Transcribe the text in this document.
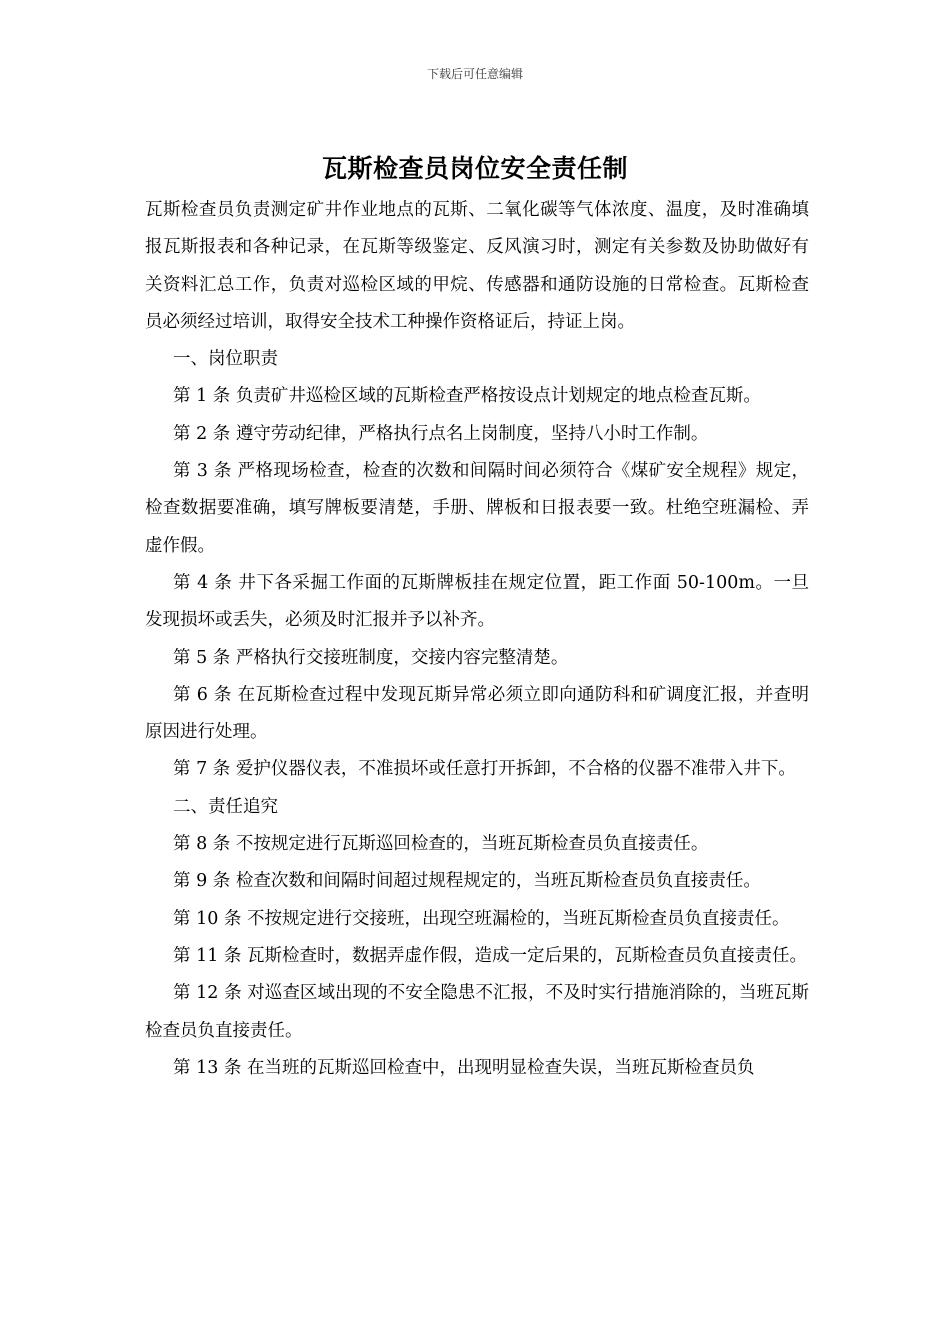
下载后可任意编辑
瓦斯检查员岗位安全责任制

瓦斯检查员负责测定矿井作业地点的瓦斯、二氧化碳等气体浓度、温度，及时准确填报瓦斯报表和各种记录，在瓦斯等级鉴定、反风演习时，测定有关参数及协助做好有关资料汇总工作，负责对巡检区域的甲烷、传感器和通防设施的日常检查。瓦斯检查员必须经过培训，取得安全技术工种操作资格证后，持证上岗。

一、岗位职责

第 1 条 负责矿井巡检区域的瓦斯检查严格按设点计划规定的地点检查瓦斯。

第 2 条 遵守劳动纪律，严格执行点名上岗制度，坚持八小时工作制。

第 3 条 严格现场检查，检查的次数和间隔时间必须符合《煤矿安全规程》规定，检查数据要准确，填写牌板要清楚，手册、牌板和日报表要一致。杜绝空班漏检、弄虚作假。

第 4 条 井下各采掘工作面的瓦斯牌板挂在规定位置，距工作面 50-100m。一旦发现损坏或丢失，必须及时汇报并予以补齐。

第 5 条 严格执行交接班制度，交接内容完整清楚。

第 6 条 在瓦斯检查过程中发现瓦斯异常必须立即向通防科和矿调度汇报，并查明原因进行处理。

第 7 条 爱护仪器仪表，不准损坏或任意打开拆卸，不合格的仪器不准带入井下。

二、责任追究

第 8 条 不按规定进行瓦斯巡回检查的，当班瓦斯检查员负直接责任。

第 9 条 检查次数和间隔时间超过规程规定的，当班瓦斯检查员负直接责任。

第 10 条 不按规定进行交接班，出现空班漏检的，当班瓦斯检查员负直接责任。

第 11 条 瓦斯检查时，数据弄虚作假，造成一定后果的，瓦斯检查员负直接责任。

第 12 条 对巡查区域出现的不安全隐患不汇报，不及时实行措施消除的，当班瓦斯检查员负直接责任。

第 13 条 在当班的瓦斯巡回检查中，出现明显检查失误，当班瓦斯检查员负
